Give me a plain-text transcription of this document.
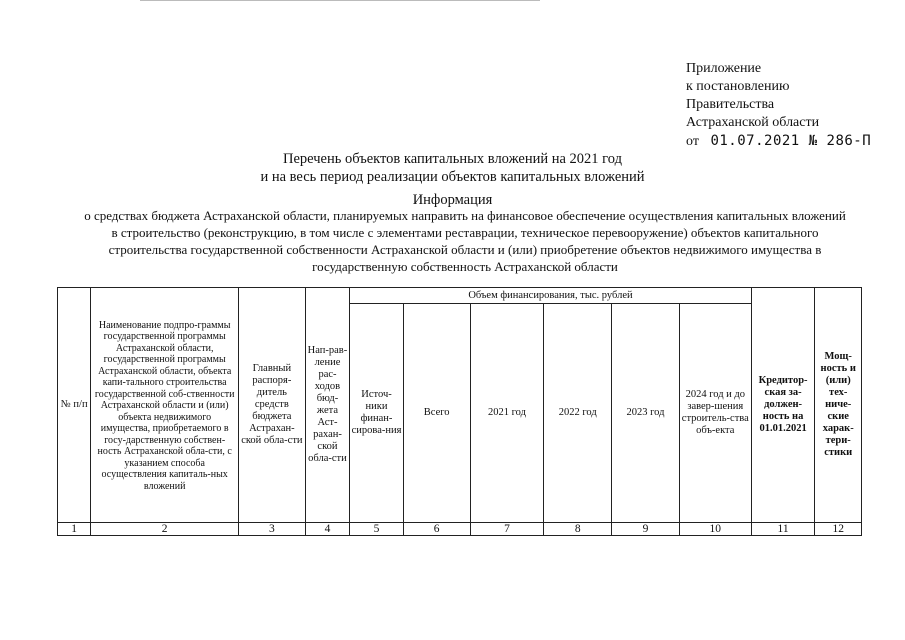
Приложение
к постановлению
Правительства
Астраханской области
от 01.07.2021 № 286-П
Перечень объектов капитальных вложений на 2021 год
и на весь период реализации объектов капитальных вложений
Информация
о средствах бюджета Астраханской области, планируемых направить на финансовое обеспечение осуществления капитальных вложений в строительство (реконструкцию, в том числе с элементами реставрации, техническое перевооружение) объектов капитального строительства государственной собственности Астраханской области и (или) приобретение объектов недвижимого имущества в государственную собственность Астраханской области
№ п/п	Наименование подпро-граммы государственной программы Астраханской области, государственной программы Астраханской области, объекта капи-тального строительства государственной соб-ственности Астраханской области и (или) объекта недвижимого имущества, приобретаемого в госу-дарственную собствен-ность Астраханской обла-сти, с указанием способа осуществления капиталь-ных вложений	Главный распоря-дитель средств бюджета Астрахан-ской обла-сти	Нап-рав-ление рас-ходов бюд-жета Аст-рахан-ской обла-сти	Объем финансирования, тыс. рублей						Кредитор-ская за-должен-ность на 01.01.2021	Мощ-ность и (или) тех-ниче-ские харак-тери-стики
				Источ-ники финан-сирова-ния	Всего	2021 год	2022 год	2023 год	2024 год и до завер-шения строитель-ства объ-екта		
1	2	3	4	5	6	7	8	9	10	11	12
